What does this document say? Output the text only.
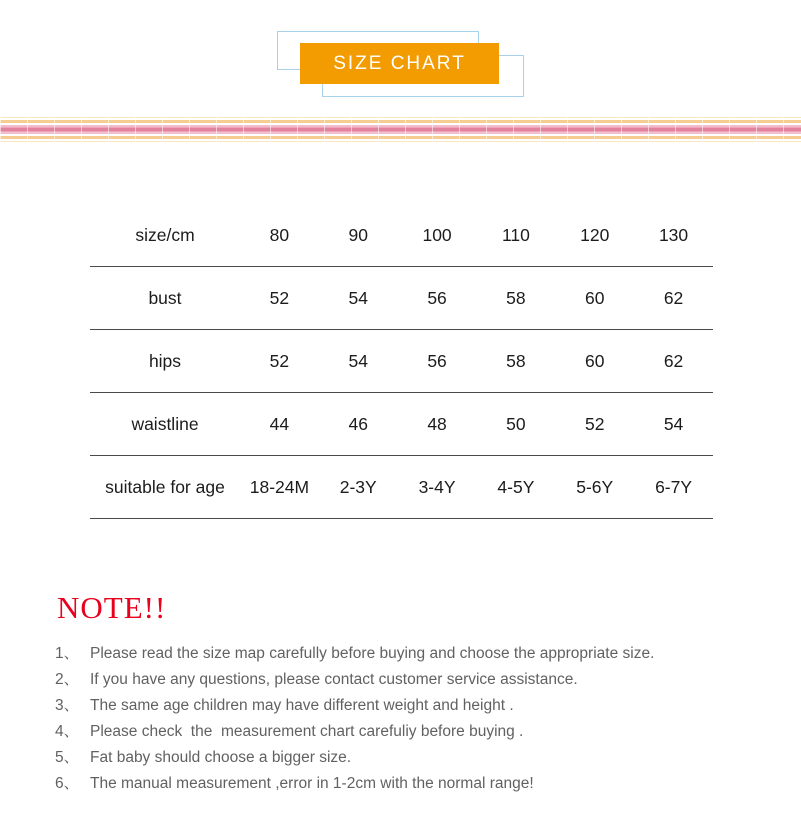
SIZE CHART
size/cm	80	90	100	110	120	130
bust	52	54	56	58	60	62
hips	52	54	56	58	60	62
waistline	44	46	48	50	52	54
suitable for age	18-24M	2-3Y	3-4Y	4-5Y	5-6Y	6-7Y
NOTE!!
1、 Please read the size map carefully before buying and choose the appropriate size.
2、 If you have any questions, please contact customer service assistance.
3、 The same age children may have different weight and height .
4、 Please check  the  measurement chart carefuliy before buying .
5、 Fat baby should choose a bigger size.
6、 The manual measurement ,error in 1-2cm with the normal range!
